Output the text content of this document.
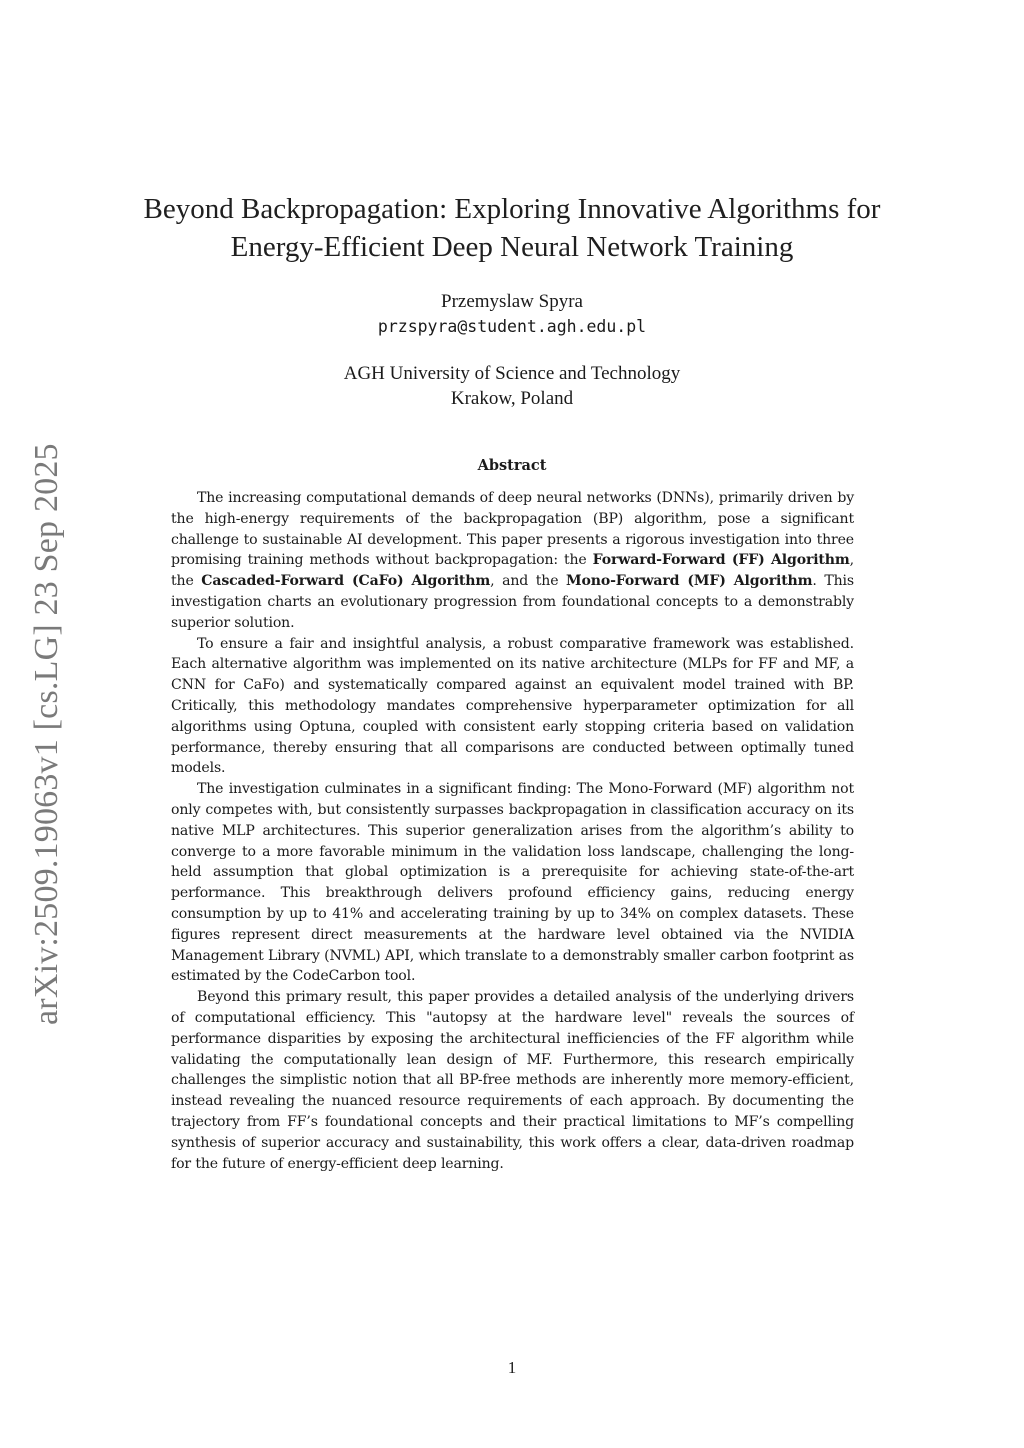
arXiv:2509.19063v1 [cs.LG] 23 Sep 2025
Beyond Backpropagation: Exploring Innovative Algorithms for
Energy-Efficient Deep Neural Network Training
Przemyslaw Spyra
przspyra@student.agh.edu.pl
AGH University of Science and Technology
Krakow, Poland
Abstract

The increasing computational demands of deep neural networks (DNNs), primarily driven by the high-energy requirements of the backpropagation (BP) algorithm, pose a significant challenge to sustainable AI development. This paper presents a rigorous investigation into three promising training methods without backpropagation: the Forward-Forward (FF) Algorithm, the Cascaded-Forward (CaFo) Algorithm, and the Mono-Forward (MF) Algorithm. This investigation charts an evolutionary progression from foundational concepts to a demonstrably superior solution.

To ensure a fair and insightful analysis, a robust comparative framework was established. Each alternative algorithm was implemented on its native architecture (MLPs for FF and MF, a CNN for CaFo) and systematically compared against an equivalent model trained with BP. Critically, this methodology mandates comprehensive hyperparameter optimization for all algorithms using Optuna, coupled with consistent early stopping criteria based on validation performance, thereby ensuring that all comparisons are conducted between optimally tuned models.

The investigation culminates in a significant finding: The Mono-Forward (MF) algorithm not only competes with, but consistently surpasses backpropagation in classification accuracy on its native MLP architectures. This superior generalization arises from the algorithm’s ability to converge to a more favorable minimum in the validation loss landscape, challenging the long-held assumption that global optimization is a prerequisite for achieving state-of-the-art performance. This breakthrough delivers profound efficiency gains, reducing energy consumption by up to 41% and accelerating training by up to 34% on complex datasets. These figures represent direct measurements at the hardware level obtained via the NVIDIA Management Library (NVML) API, which translate to a demonstrably smaller carbon footprint as estimated by the CodeCarbon tool.

Beyond this primary result, this paper provides a detailed analysis of the underlying drivers of computational efficiency. This "autopsy at the hardware level" reveals the sources of performance disparities by exposing the architectural inefficiencies of the FF algorithm while validating the computationally lean design of MF. Furthermore, this research empirically challenges the simplistic notion that all BP-free methods are inherently more memory-efficient, instead revealing the nuanced resource requirements of each approach. By documenting the trajectory from FF’s foundational concepts and their practical limitations to MF’s compelling synthesis of superior accuracy and sustainability, this work offers a clear, data-driven roadmap for the future of energy-efficient deep learning.

1
